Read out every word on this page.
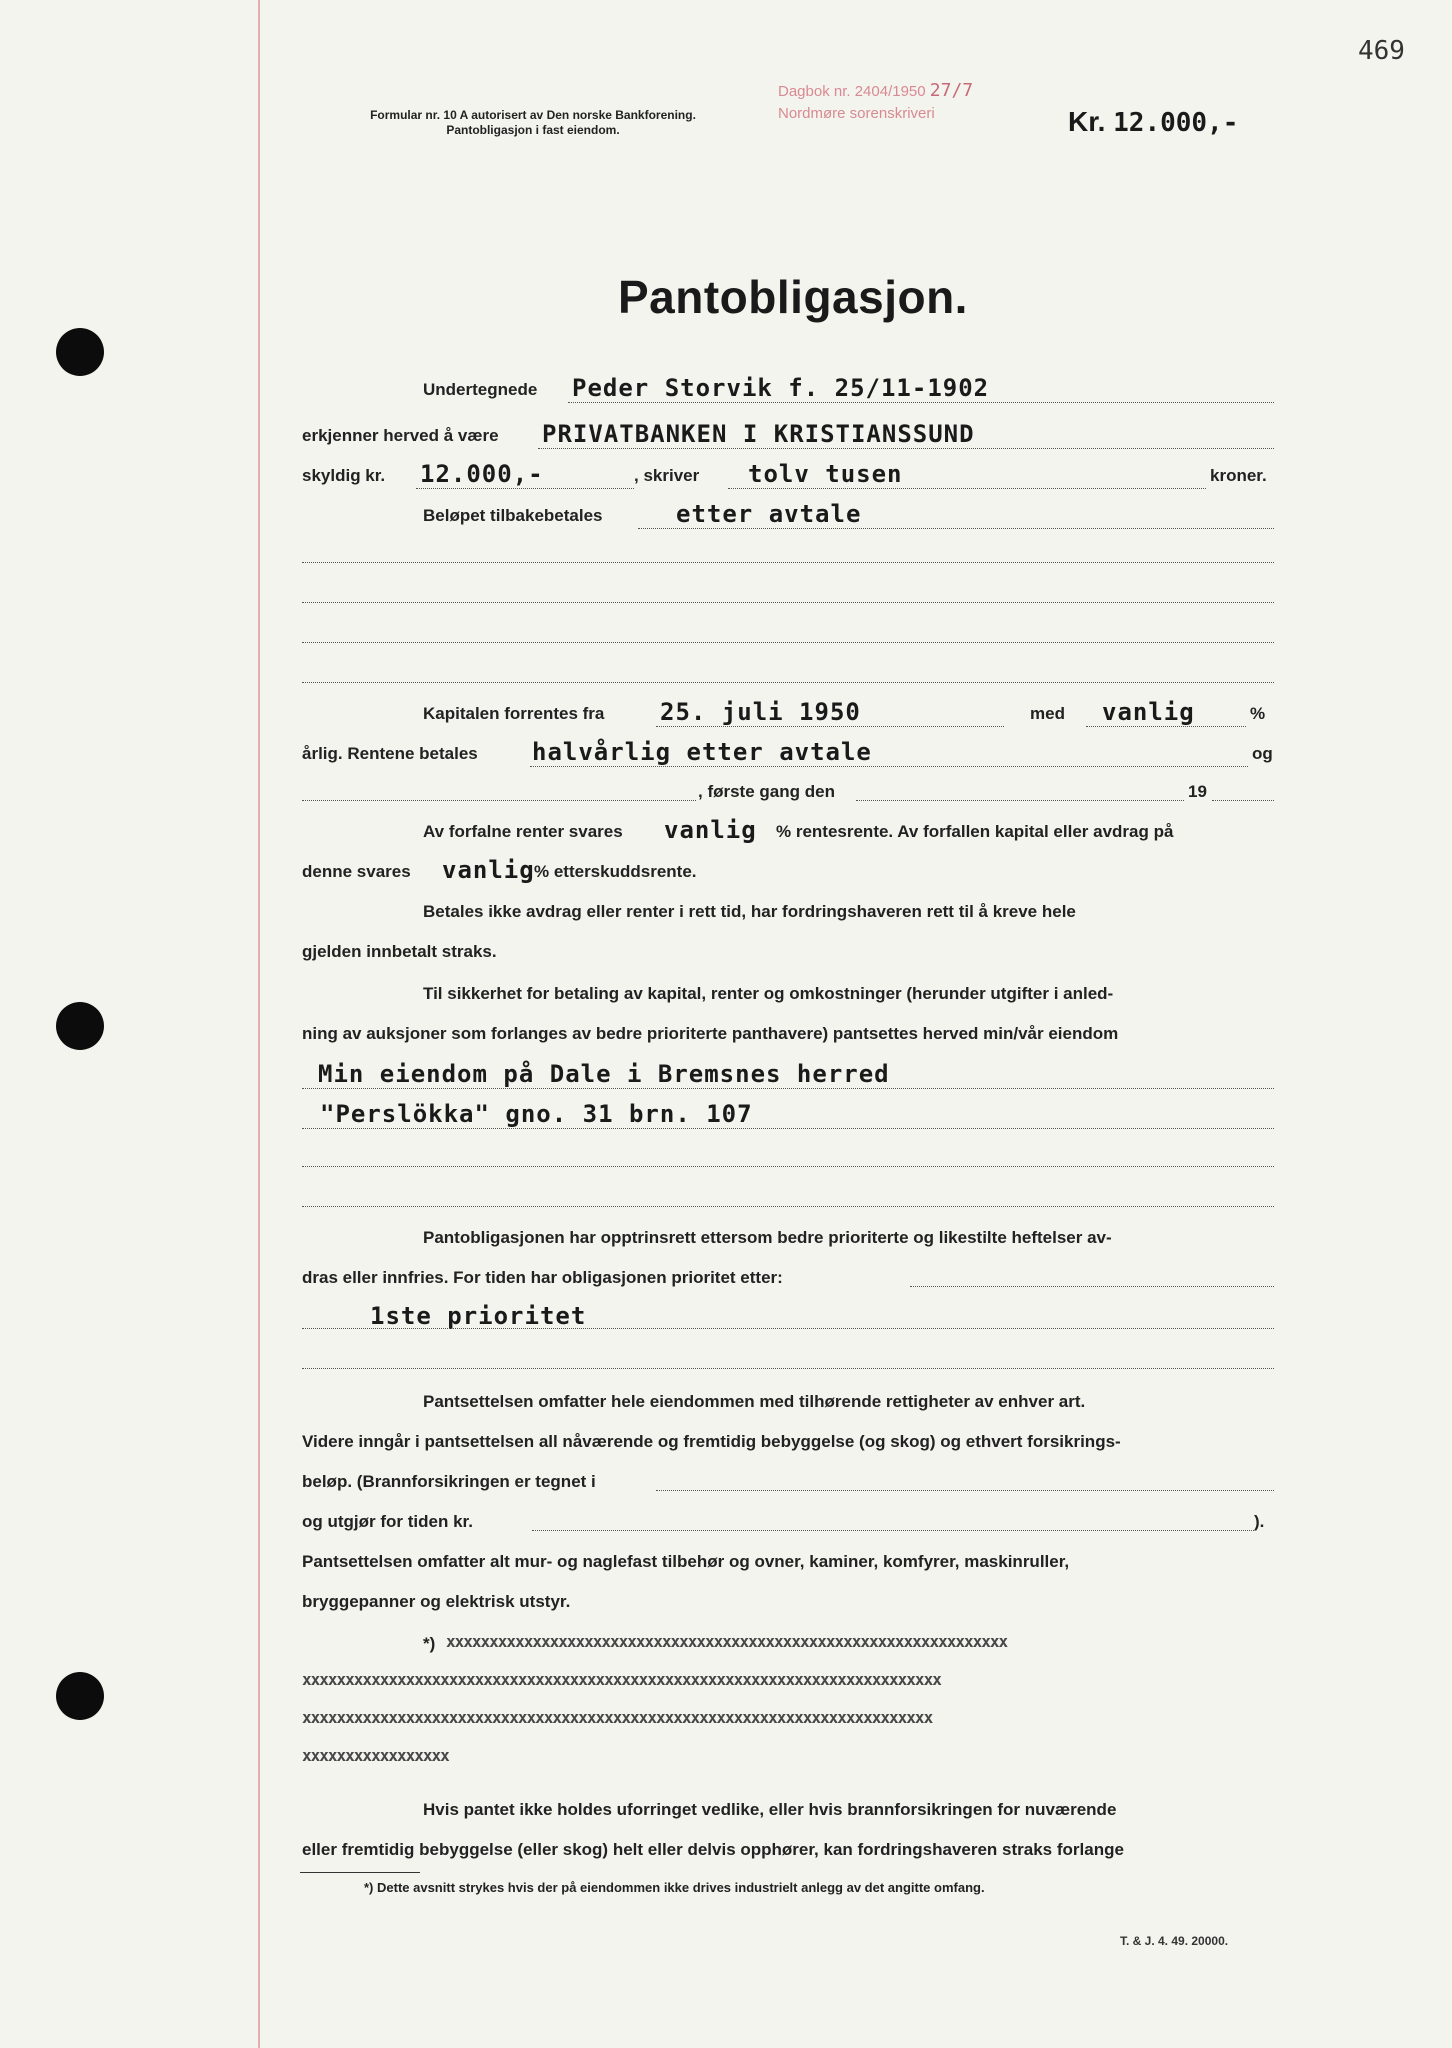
469
Formular nr. 10 A autorisert av Den norske Bankforening.
Pantobligasjon i fast eiendom.
Dagbok nr. 2404/1950 27/7
Nordmøre sorenskriveri	Kr. 12.000,-
Pantobligasjon.
Undertegnede Peder Storvik f. 25/11-1902
erkjenner herved å være PRIVATBANKEN I KRISTIANSSUND
skyldig kr. 12.000,-	, skriver tolv tusen	kroner.
Beløpet tilbakebetales	etter avtale
Kapitalen forrentes fra 25. juli 1950	med vanlig	%
årlig. Rentene betales halvårlig etter avtale	og
, første gang den	19
Av forfalne renter svares vanlig % rentesrente. Av forfallen kapital eller avdrag på
denne svares vanlig % etterskuddsrente.
Betales ikke avdrag eller renter i rett tid, har fordringshaveren rett til å kreve hele
gjelden innbetalt straks.
Til sikkerhet for betaling av kapital, renter og omkostninger (herunder utgifter i anled-
ning av auksjoner som forlanges av bedre prioriterte panthavere) pantsettes herved min/vår eiendom
Min eiendom på Dale i Bremsnes herred
"Perslökka" gno. 31 brn. 107
Pantobligasjonen har opptrinsrett ettersom bedre prioriterte og likestilte heftelser av-
dras eller innfries. For tiden har obligasjonen prioritet etter:
1ste prioritet
Pantsettelsen omfatter hele eiendommen med tilhørende rettigheter av enhver art.
Videre inngår i pantsettelsen all nåværende og fremtidig bebyggelse (og skog) og ethvert forsikrings-
beløp. (Brannforsikringen er tegnet i
og utgjør for tiden kr.	).
Pantsettelsen omfatter alt mur- og naglefast tilbehør og ovner, kaminer, komfyrer, maskinruller,
bryggepanner og elektrisk utstyr.
*) xxxxxxxxxxxxxxxxxxxxxxxxxxxxxxxxxxxxxxxxxxxxxxxxxxxxxxxxxxxxxxxxx
xxxxxxxxxxxxxxxxxxxxxxxxxxxxxxxxxxxxxxxxxxxxxxxxxxxxxxxxxxxxxxxxxxxxxxxxxx
xxxxxxxxxxxxxxxxxxxxxxxxxxxxxxxxxxxxxxxxxxxxxxxxxxxxxxxxxxxxxxxxxxxxxxxxx
xxxxxxxxxxxxxxxxx
Hvis pantet ikke holdes uforringet vedlike, eller hvis brannforsikringen for nuværende
eller fremtidig bebyggelse (eller skog) helt eller delvis opphører, kan fordringshaveren straks forlange
*) Dette avsnitt strykes hvis der på eiendommen ikke drives industrielt anlegg av det angitte omfang.
T. & J. 4. 49. 20000.
